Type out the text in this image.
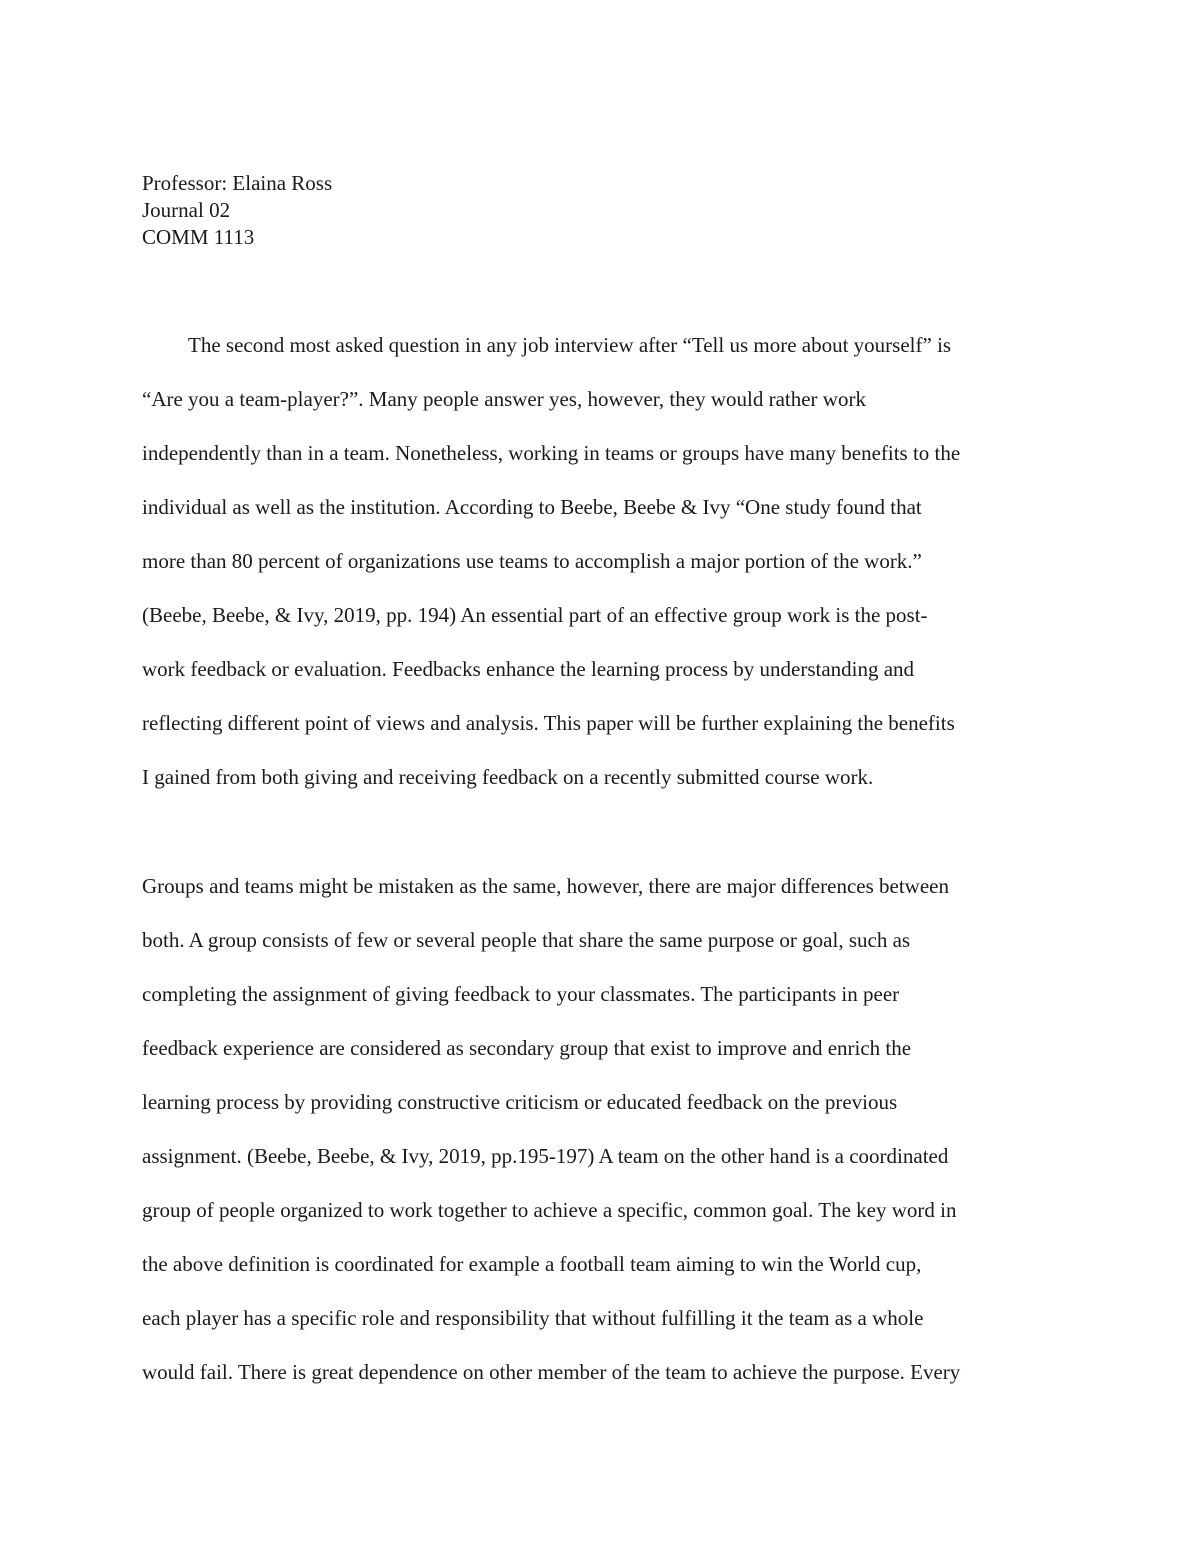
Professor: Elaina Ross
Journal 02
COMM 1113
The second most asked question in any job interview after “Tell us more about yourself” is
“Are you a team-player?”. Many people answer yes, however, they would rather work
independently than in a team. Nonetheless, working in teams or groups have many benefits to the
individual as well as the institution. According to Beebe, Beebe & Ivy “One study found that
more than 80 percent of organizations use teams to accomplish a major portion of the work.”
(Beebe, Beebe, & Ivy, 2019, pp. 194) An essential part of an effective group work is the post-
work feedback or evaluation. Feedbacks enhance the learning process by understanding and
reflecting different point of views and analysis. This paper will be further explaining the benefits
I gained from both giving and receiving feedback on a recently submitted course work.
Groups and teams might be mistaken as the same, however, there are major differences between
both. A group consists of few or several people that share the same purpose or goal, such as
completing the assignment of giving feedback to your classmates. The participants in peer
feedback experience are considered as secondary group that exist to improve and enrich the
learning process by providing constructive criticism or educated feedback on the previous
assignment. (Beebe, Beebe, & Ivy, 2019, pp.195-197) A team on the other hand is a coordinated
group of people organized to work together to achieve a specific, common goal. The key word in
the above definition is coordinated for example a football team aiming to win the World cup,
each player has a specific role and responsibility that without fulfilling it the team as a whole
would fail. There is great dependence on other member of the team to achieve the purpose. Every
